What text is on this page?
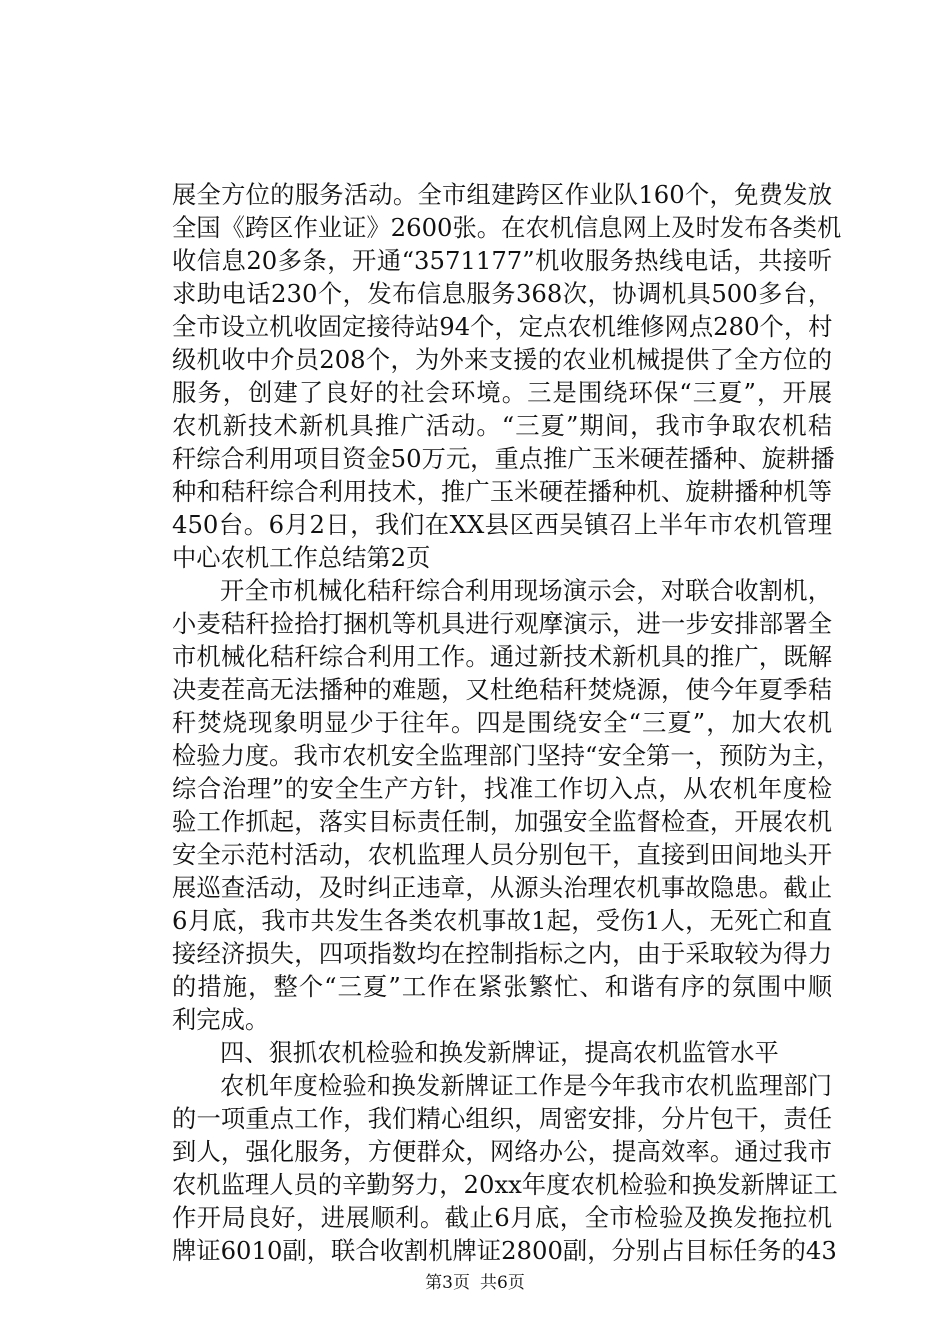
展全方位的服务活动。全市组建跨区作业队160个，免费发放
全国《跨区作业证》2600张。在农机信息网上及时发布各类机
收信息20多条，开通“3571177”机收服务热线电话，共接听
求助电话230个，发布信息服务368次，协调机具500多台，
全市设立机收固定接待站94个，定点农机维修网点280个，村
级机收中介员208个，为外来支援的农业机械提供了全方位的
服务，创建了良好的社会环境。三是围绕环保“三夏”，开展
农机新技术新机具推广活动。“三夏”期间，我市争取农机秸
秆综合利用项目资金50万元，重点推广玉米硬茬播种、旋耕播
种和秸秆综合利用技术，推广玉米硬茬播种机、旋耕播种机等
450台。6月2日，我们在XX县区西吴镇召上半年市农机管理
中心农机工作总结第2页
开全市机械化秸秆综合利用现场演示会，对联合收割机，
小麦秸秆捡拾打捆机等机具进行观摩演示，进一步安排部署全
市机械化秸秆综合利用工作。通过新技术新机具的推广，既解
决麦茬高无法播种的难题，又杜绝秸秆焚烧源，使今年夏季秸
秆焚烧现象明显少于往年。四是围绕安全“三夏”，加大农机
检验力度。我市农机安全监理部门坚持“安全第一，预防为主，
综合治理”的安全生产方针，找准工作切入点，从农机年度检
验工作抓起，落实目标责任制，加强安全监督检查，开展农机
安全示范村活动，农机监理人员分别包干，直接到田间地头开
展巡查活动，及时纠正违章，从源头治理农机事故隐患。截止
6月底，我市共发生各类农机事故1起，受伤1人，无死亡和直
接经济损失，四项指数均在控制指标之内，由于采取较为得力
的措施，整个“三夏”工作在紧张繁忙、和谐有序的氛围中顺
利完成。
四、狠抓农机检验和换发新牌证，提高农机监管水平
农机年度检验和换发新牌证工作是今年我市农机监理部门
的一项重点工作，我们精心组织，周密安排，分片包干，责任
到人，强化服务，方便群众，网络办公，提高效率。通过我市
农机监理人员的辛勤努力，20xx年度农机检验和换发新牌证工
作开局良好，进展顺利。截止6月底，全市检验及换发拖拉机
牌证6010副，联合收割机牌证2800副，分别占目标任务的43
第3页 共6页
